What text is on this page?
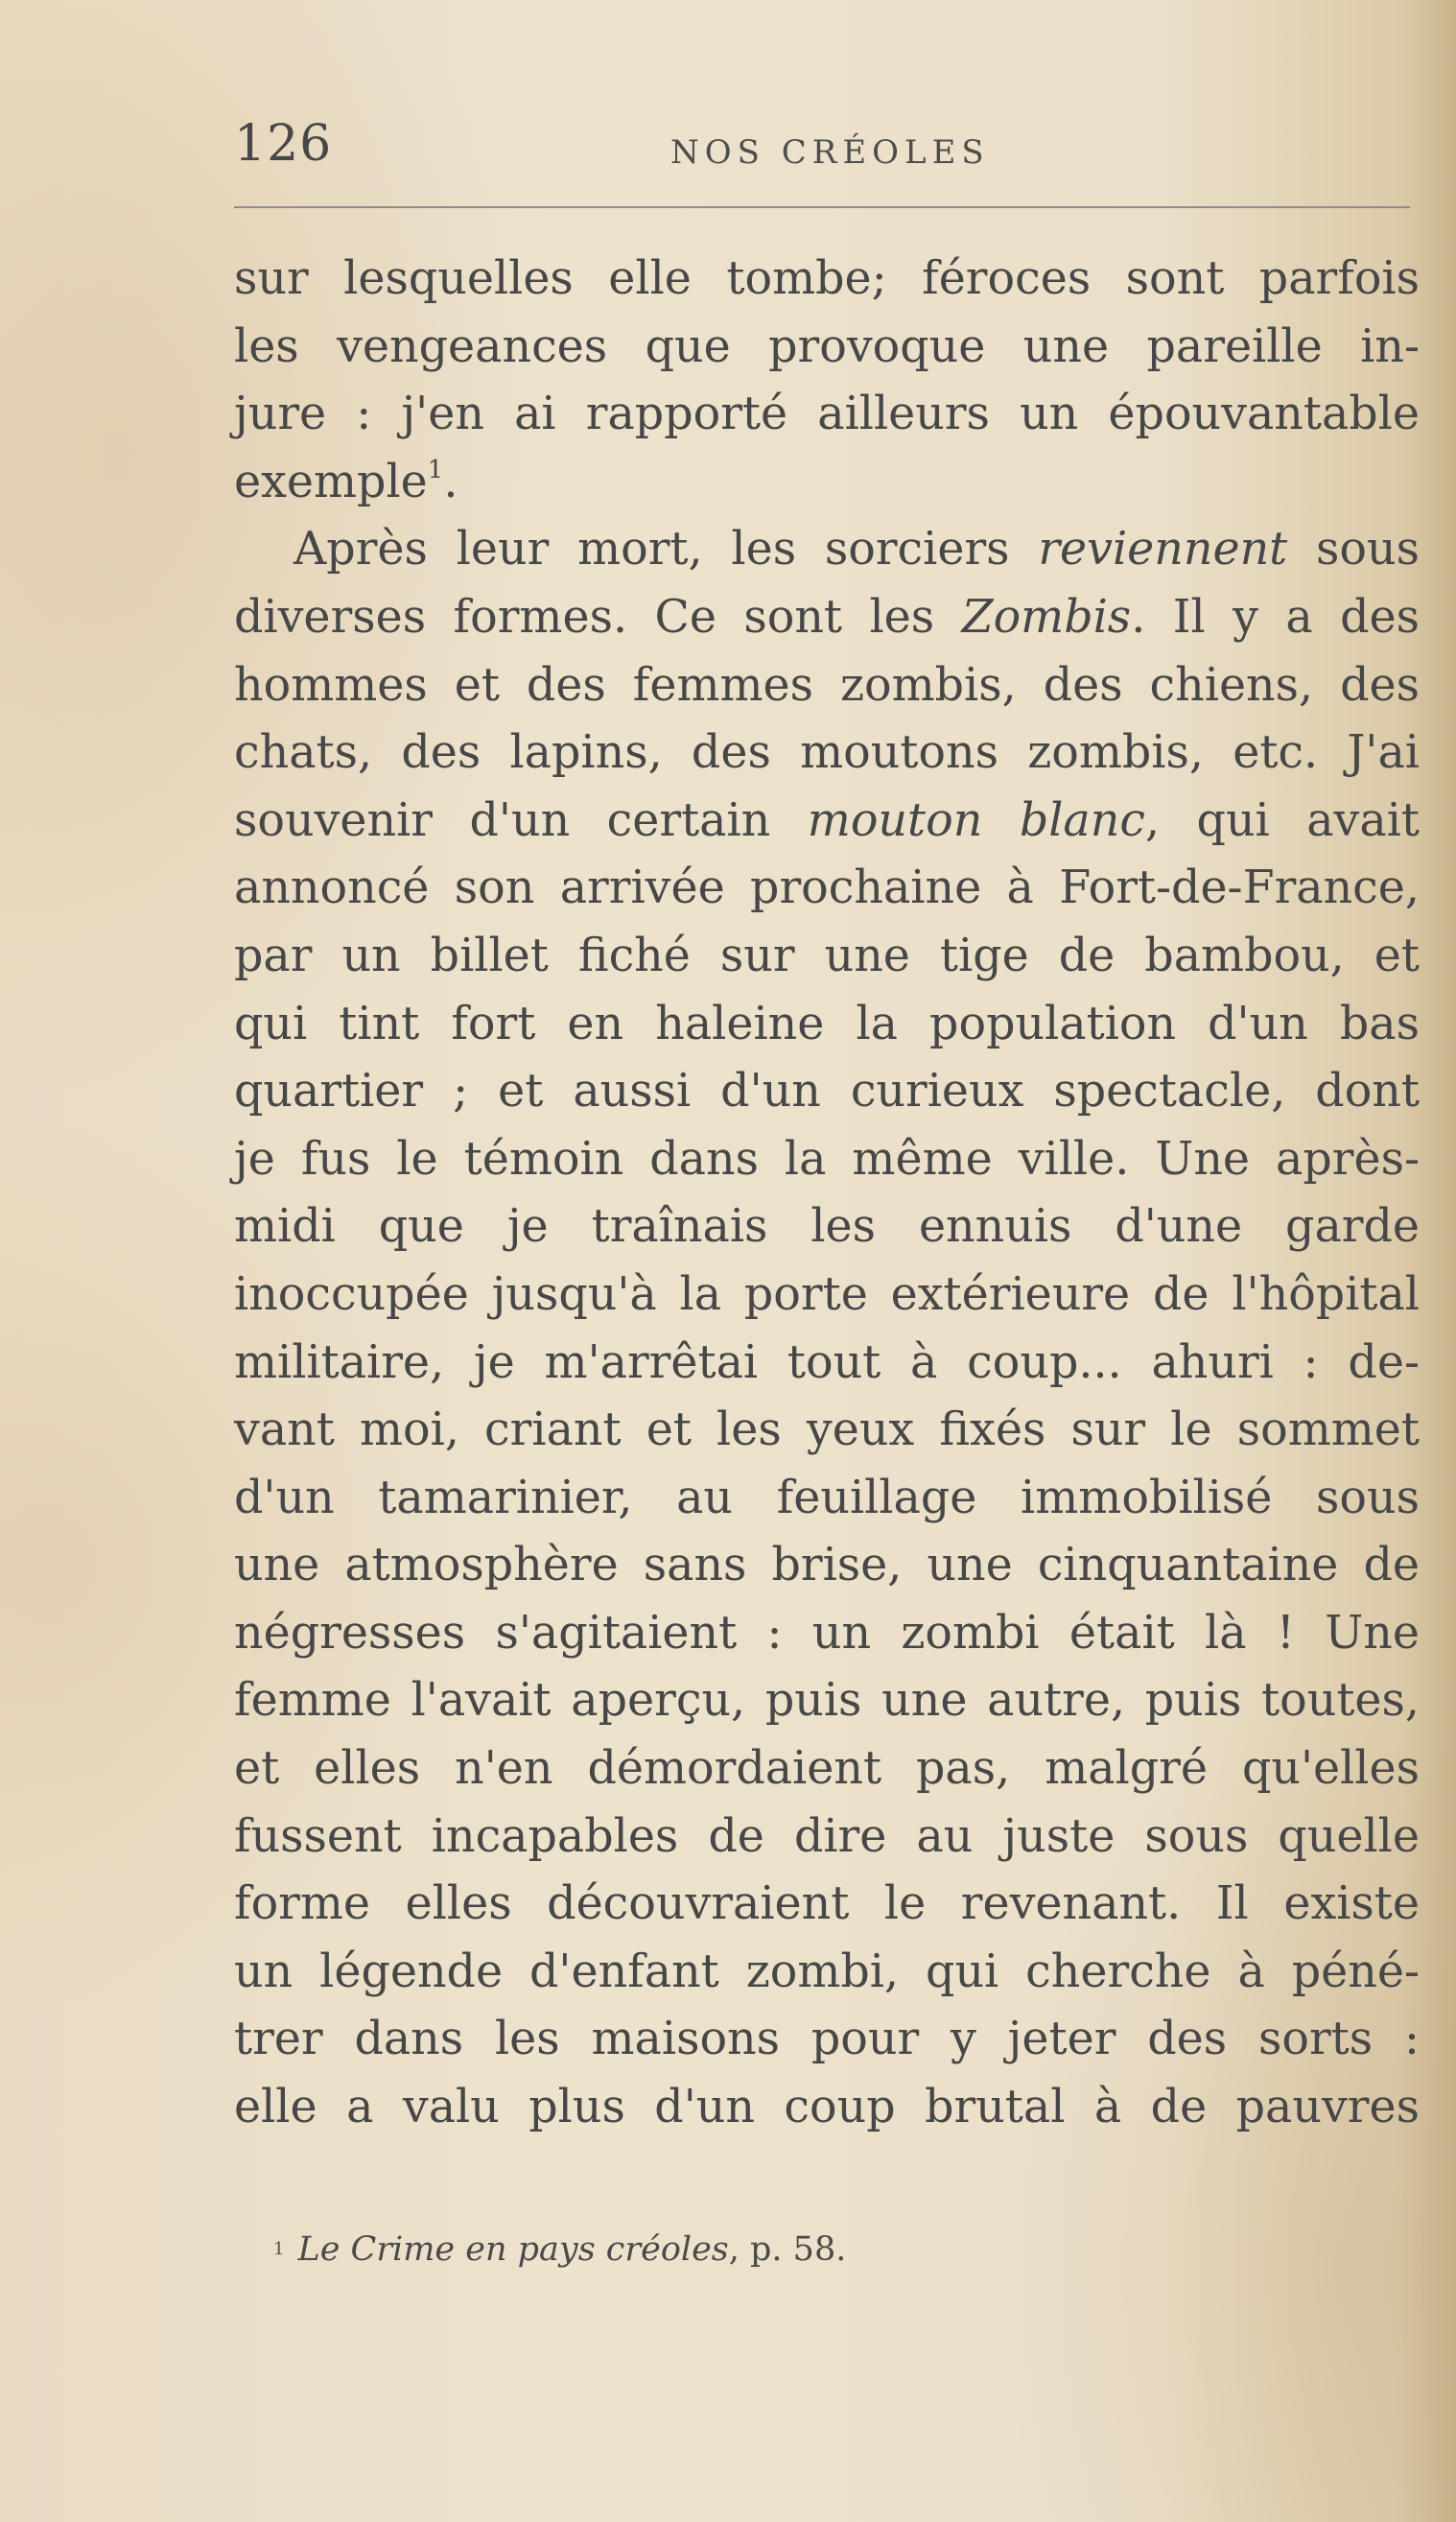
126	NOS CRÉOLES
sur lesquelles elle tombe; féroces sont parfois
les vengeances que provoque une pareille in-
jure : j'en ai rapporté ailleurs un épouvantable
exemple$^1$.
Après leur mort, les sorciers reviennent sous
diverses formes. Ce sont les Zombis. Il y a des
hommes et des femmes zombis, des chiens, des
chats, des lapins, des moutons zombis, etc. J'ai
souvenir d'un certain mouton blanc, qui avait
annoncé son arrivée prochaine à Fort-de-France,
par un billet fiché sur une tige de bambou, et
qui tint fort en haleine la population d'un bas
quartier ; et aussi d'un curieux spectacle, dont
je fus le témoin dans la même ville. Une après-
midi que je traînais les ennuis d'une garde
inoccupée jusqu'à la porte extérieure de l'hôpital
militaire, je m'arrêtai tout à coup... ahuri : de-
vant moi, criant et les yeux fixés sur le sommet
d'un tamarinier, au feuillage immobilisé sous
une atmosphère sans brise, une cinquantaine de
négresses s'agitaient : un zombi était là ! Une
femme l'avait aperçu, puis une autre, puis toutes,
et elles n'en démordaient pas, malgré qu'elles
fussent incapables de dire au juste sous quelle
forme elles découvraient le revenant. Il existe
un légende d'enfant zombi, qui cherche à péné-
trer dans les maisons pour y jeter des sorts :
elle a valu plus d'un coup brutal à de pauvres
1 Le Crime en pays créoles, p. 58.
